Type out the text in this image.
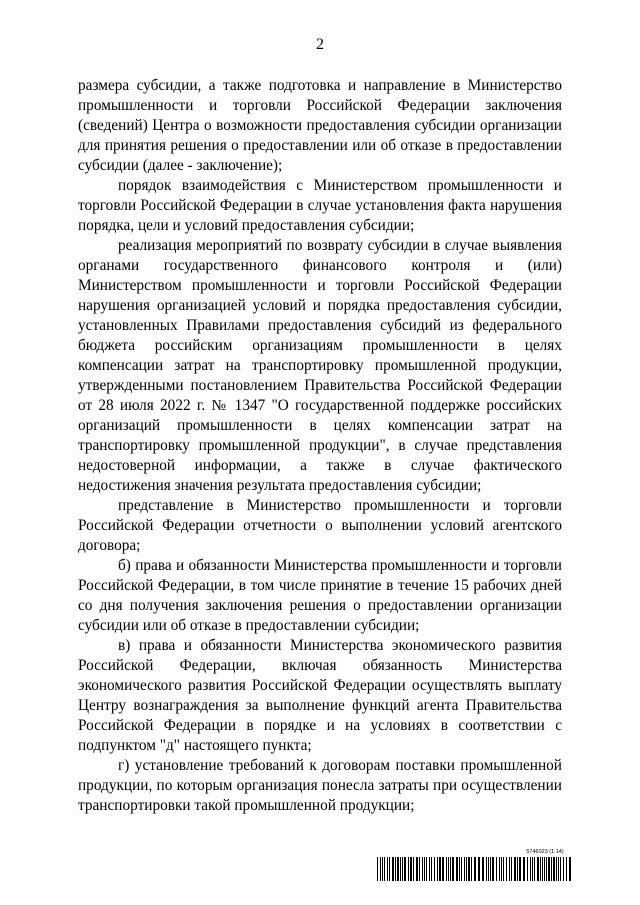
2

размера субсидии, а также подготовка и направление в Министерство промышленности и торговли Российской Федерации заключения (сведений) Центра о возможности предоставления субсидии организации для принятия решения о предоставлении или об отказе в предоставлении субсидии (далее - заключение);

порядок взаимодействия с Министерством промышленности и торговли Российской Федерации в случае установления факта нарушения порядка, цели и условий предоставления субсидии;

реализация мероприятий по возврату субсидии в случае выявления органами государственного финансового контроля и (или) Министерством промышленности и торговли Российской Федерации нарушения организацией условий и порядка предоставления субсидии, установленных Правилами предоставления субсидий из федерального бюджета российским организациям промышленности в целях компенсации затрат на транспортировку промышленной продукции, утвержденными постановлением Правительства Российской Федерации от 28 июля 2022 г. № 1347 "О государственной поддержке российских организаций промышленности в целях компенсации затрат на транспортировку промышленной продукции", в случае представления недостоверной информации, а также в случае фактического недостижения значения результата предоставления субсидии;

представление в Министерство промышленности и торговли Российской Федерации отчетности о выполнении условий агентского договора;

б) права и обязанности Министерства промышленности и торговли Российской Федерации, в том числе принятие в течение 15 рабочих дней со дня получения заключения решения о предоставлении организации субсидии или об отказе в предоставлении субсидии;

в) права и обязанности Министерства экономического развития Российской Федерации, включая обязанность Министерства экономического развития Российской Федерации осуществлять выплату Центру вознаграждения за выполнение функций агента Правительства Российской Федерации в порядке и на условиях в соответствии с подпунктом "д" настоящего пункта;

г) установление требований к договорам поставки промышленной продукции, по которым организация понесла затраты при осуществлении транспортировки такой промышленной продукции;

5746023 (1.14)
